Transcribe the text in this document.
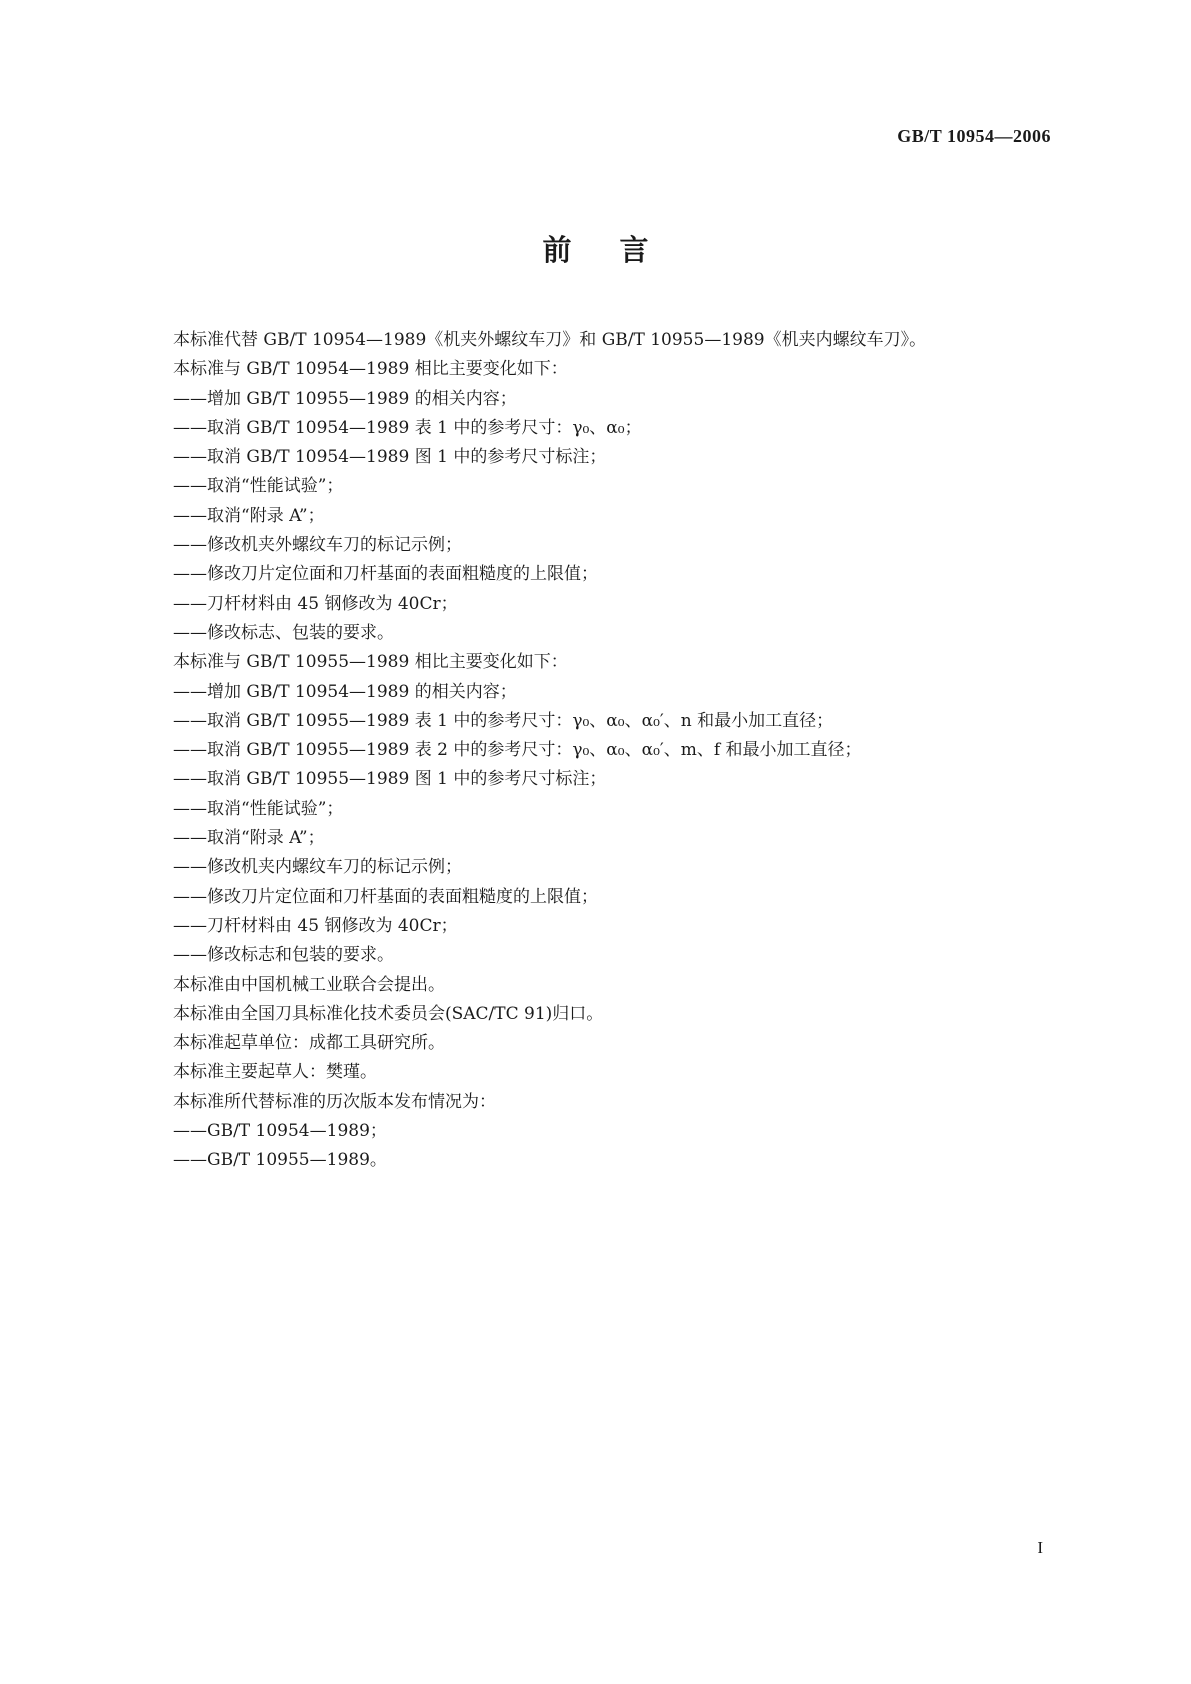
GB/T 10954—2006
前言
本标准代替 GB/T 10954—1989《机夹外螺纹车刀》和 GB/T 10955—1989《机夹内螺纹车刀》。
本标准与 GB/T 10954—1989 相比主要变化如下：
——增加 GB/T 10955—1989 的相关内容；
——取消 GB/T 10954—1989 表 1 中的参考尺寸：γ₀、α₀；
——取消 GB/T 10954—1989 图 1 中的参考尺寸标注；
——取消“性能试验”；
——取消“附录 A”；
——修改机夹外螺纹车刀的标记示例；
——修改刀片定位面和刀杆基面的表面粗糙度的上限值；
——刀杆材料由 45 钢修改为 40Cr；
——修改标志、包装的要求。
本标准与 GB/T 10955—1989 相比主要变化如下：
——增加 GB/T 10954—1989 的相关内容；
——取消 GB/T 10955—1989 表 1 中的参考尺寸：γ₀、α₀、α₀′、n 和最小加工直径；
——取消 GB/T 10955—1989 表 2 中的参考尺寸：γ₀、α₀、α₀′、m、f 和最小加工直径；
——取消 GB/T 10955—1989 图 1 中的参考尺寸标注；
——取消“性能试验”；
——取消“附录 A”；
——修改机夹内螺纹车刀的标记示例；
——修改刀片定位面和刀杆基面的表面粗糙度的上限值；
——刀杆材料由 45 钢修改为 40Cr；
——修改标志和包装的要求。
本标准由中国机械工业联合会提出。
本标准由全国刀具标准化技术委员会(SAC/TC 91)归口。
本标准起草单位：成都工具研究所。
本标准主要起草人：樊瑾。
本标准所代替标准的历次版本发布情况为：
——GB/T 10954—1989；
——GB/T 10955—1989。
I
